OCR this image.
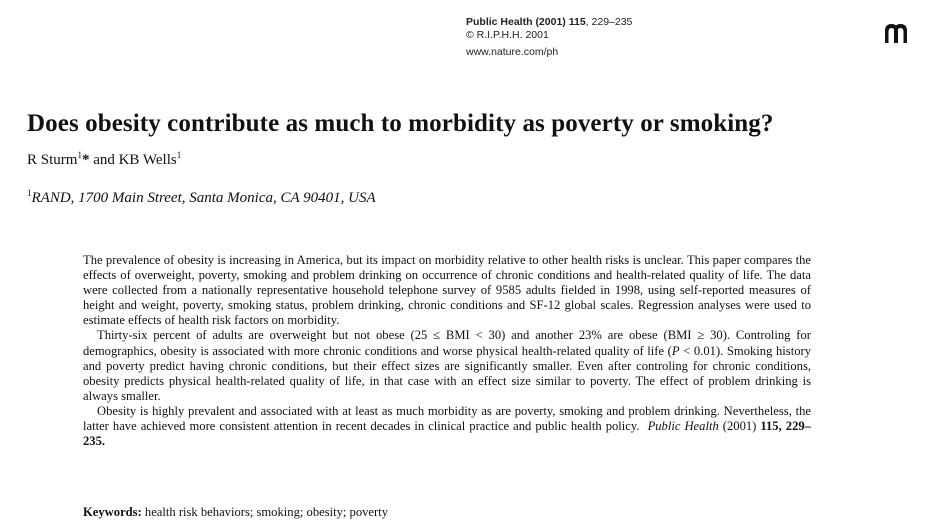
Public Health (2001) 115, 229–235
© R.I.P.H.H. 2001
www.nature.com/ph
Does obesity contribute as much to morbidity as poverty or smoking?
R Sturm$^1$* and KB Wells$^1$
$^1$RAND, 1700 Main Street, Santa Monica, CA 90401, USA

The prevalence of obesity is increasing in America, but its impact on morbidity relative to other health risks is unclear. This paper compares the effects of overweight, poverty, smoking and problem drinking on occurrence of chronic conditions and health-related quality of life. The data were collected from a nationally representative household telephone survey of 9585 adults fielded in 1998, using self-reported measures of height and weight, poverty, smoking status, problem drinking, chronic conditions and SF-12 global scales. Regression analyses were used to estimate effects of health risk factors on morbidity.

Thirty-six percent of adults are overweight but not obese (25 ≤ BMI < 30) and another 23% are obese (BMI ≥ 30). Controling for demographics, obesity is associated with more chronic conditions and worse physical health-related quality of life (P < 0.01). Smoking history and poverty predict having chronic conditions, but their effect sizes are significantly smaller. Even after controling for chronic conditions, obesity predicts physical health-related quality of life, in that case with an effect size similar to poverty. The effect of problem drinking is always smaller.

Obesity is highly prevalent and associated with at least as much morbidity as are poverty, smoking and problem drinking. Nevertheless, the latter have achieved more consistent attention in recent decades in clinical practice and public health policy. Public Health (2001) 115, 229–235.

Keywords: health risk behaviors; smoking; obesity; poverty
